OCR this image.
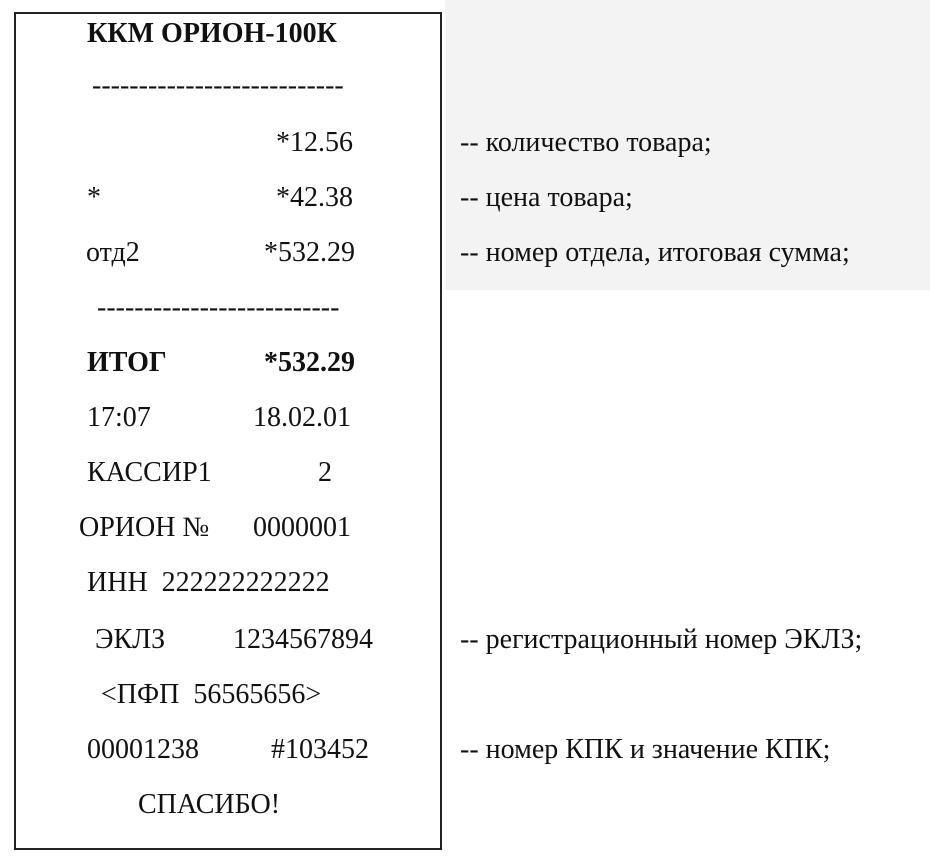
ККМ ОРИОН-100К
---------------------------
*12.56
*	*42.38
отд2	*532.29
--------------------------
ИТОГ	*532.29
17:07	18.02.01
КАССИР1	2
ОРИОН № 0000001
ИНН  222222222222
ЭКЛЗ 1234567894
<ПФП  56565656>
00001238	#103452
СПАСИБО!
-- количество товара;
-- цена товара;
-- номер отдела, итоговая сумма;
-- регистрационный номер ЭКЛЗ;
-- номер КПК и значение КПК;
